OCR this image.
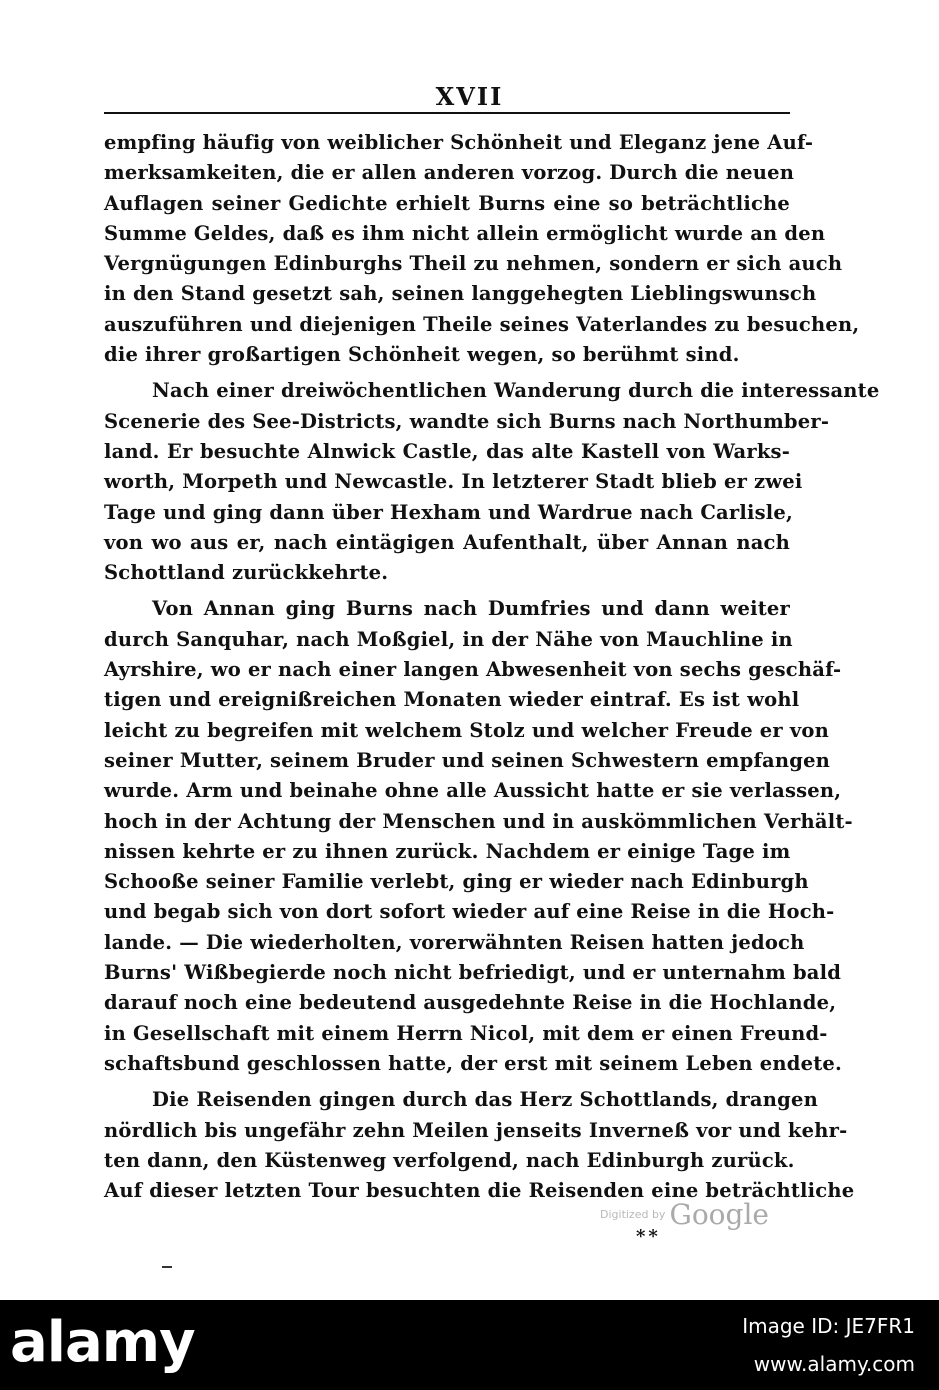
XVII
empfing häufig von weiblicher Schönheit und Eleganz jene Auf-
merksamkeiten, die er allen anderen vorzog. Durch die neuen
Auflagen seiner Gedichte erhielt Burns eine so beträchtliche
Summe Geldes, daß es ihm nicht allein ermöglicht wurde an den
Vergnügungen Edinburghs Theil zu nehmen, sondern er sich auch
in den Stand gesetzt sah, seinen langgehegten Lieblingswunsch
auszuführen und diejenigen Theile seines Vaterlandes zu besuchen,
die ihrer großartigen Schönheit wegen, so berühmt sind.
Nach einer dreiwöchentlichen Wanderung durch die interessante
Scenerie des See-Districts, wandte sich Burns nach Northumber-
land. Er besuchte Alnwick Castle, das alte Kastell von Warks-
worth, Morpeth und Newcastle. In letzterer Stadt blieb er zwei
Tage und ging dann über Hexham und Wardrue nach Carlisle,
von wo aus er, nach eintägigen Aufenthalt, über Annan nach
Schottland zurückkehrte.
Von Annan ging Burns nach Dumfries und dann weiter
durch Sanquhar, nach Moßgiel, in der Nähe von Mauchline in
Ayrshire, wo er nach einer langen Abwesenheit von sechs geschäf-
tigen und ereignißreichen Monaten wieder eintraf. Es ist wohl
leicht zu begreifen mit welchem Stolz und welcher Freude er von
seiner Mutter, seinem Bruder und seinen Schwestern empfangen
wurde. Arm und beinahe ohne alle Aussicht hatte er sie verlassen,
hoch in der Achtung der Menschen und in auskömmlichen Verhält-
nissen kehrte er zu ihnen zurück. Nachdem er einige Tage im
Schooße seiner Familie verlebt, ging er wieder nach Edinburgh
und begab sich von dort sofort wieder auf eine Reise in die Hoch-
lande. — Die wiederholten, vorerwähnten Reisen hatten jedoch
Burns' Wißbegierde noch nicht befriedigt, und er unternahm bald
darauf noch eine bedeutend ausgedehnte Reise in die Hochlande,
in Gesellschaft mit einem Herrn Nicol, mit dem er einen Freund-
schaftsbund geschlossen hatte, der erst mit seinem Leben endete.
Die Reisenden gingen durch das Herz Schottlands, drangen
nördlich bis ungefähr zehn Meilen jenseits Inverneß vor und kehr-
ten dann, den Küstenweg verfolgend, nach Edinburgh zurück.
Auf dieser letzten Tour besuchten die Reisenden eine beträchtliche
Digitized by Google
**
alamy	Image ID: JE7FR1
www.alamy.com
